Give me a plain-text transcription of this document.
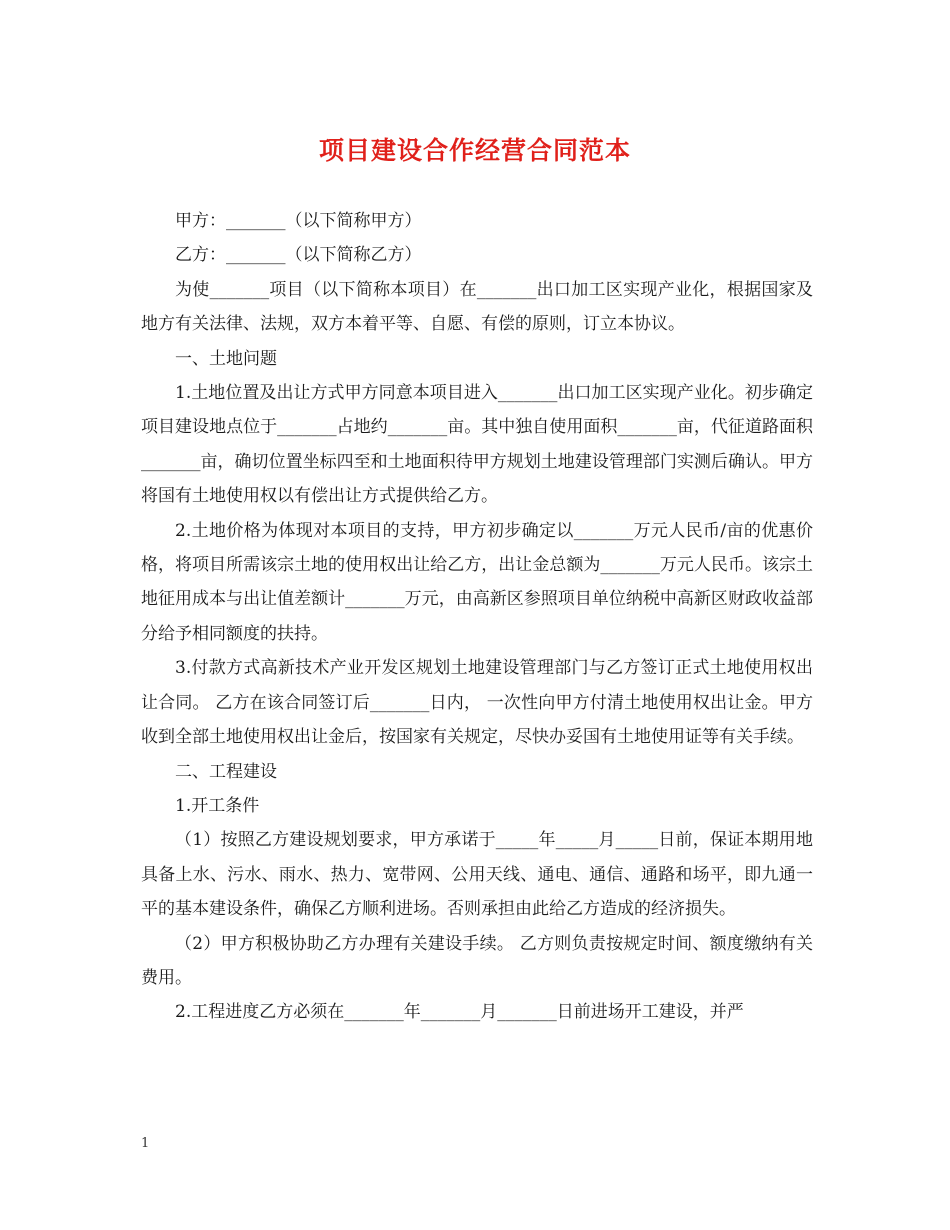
项目建设合作经营合同范本

甲方：_______（以下简称甲方）

乙方：_______（以下简称乙方）

为使_______项目（以下简称本项目）在_______出口加工区实现产业化，根据国家及地方有关法律、法规，双方本着平等、自愿、有偿的原则，订立本协议。

一、土地问题

1.土地位置及出让方式甲方同意本项目进入_______出口加工区实现产业化。初步确定项目建设地点位于_______占地约_______亩。其中独自使用面积_______亩，代征道路面积_______亩，确切位置坐标四至和土地面积待甲方规划土地建设管理部门实测后确认。甲方将国有土地使用权以有偿出让方式提供给乙方。

2.土地价格为体现对本项目的支持，甲方初步确定以_______万元人民币/亩的优惠价格，将项目所需该宗土地的使用权出让给乙方，出让金总额为_______万元人民币。该宗土地征用成本与出让值差额计_______万元，由高新区参照项目单位纳税中高新区财政收益部分给予相同额度的扶持。

3.付款方式高新技术产业开发区规划土地建设管理部门与乙方签订正式土地使用权出让合同。 乙方在该合同签订后_______日内， 一次性向甲方付清土地使用权出让金。甲方收到全部土地使用权出让金后，按国家有关规定，尽快办妥国有土地使用证等有关手续。

二、工程建设

1.开工条件

（1）按照乙方建设规划要求，甲方承诺于_____年_____月_____日前，保证本期用地具备上水、污水、雨水、热力、宽带网、公用天线、通电、通信、通路和场平，即九通一平的基本建设条件，确保乙方顺利进场。否则承担由此给乙方造成的经济损失。

（2）甲方积极协助乙方办理有关建设手续。 乙方则负责按规定时间、额度缴纳有关费用。

2.工程进度乙方必须在_______年_______月_______日前进场开工建设，并严

1
